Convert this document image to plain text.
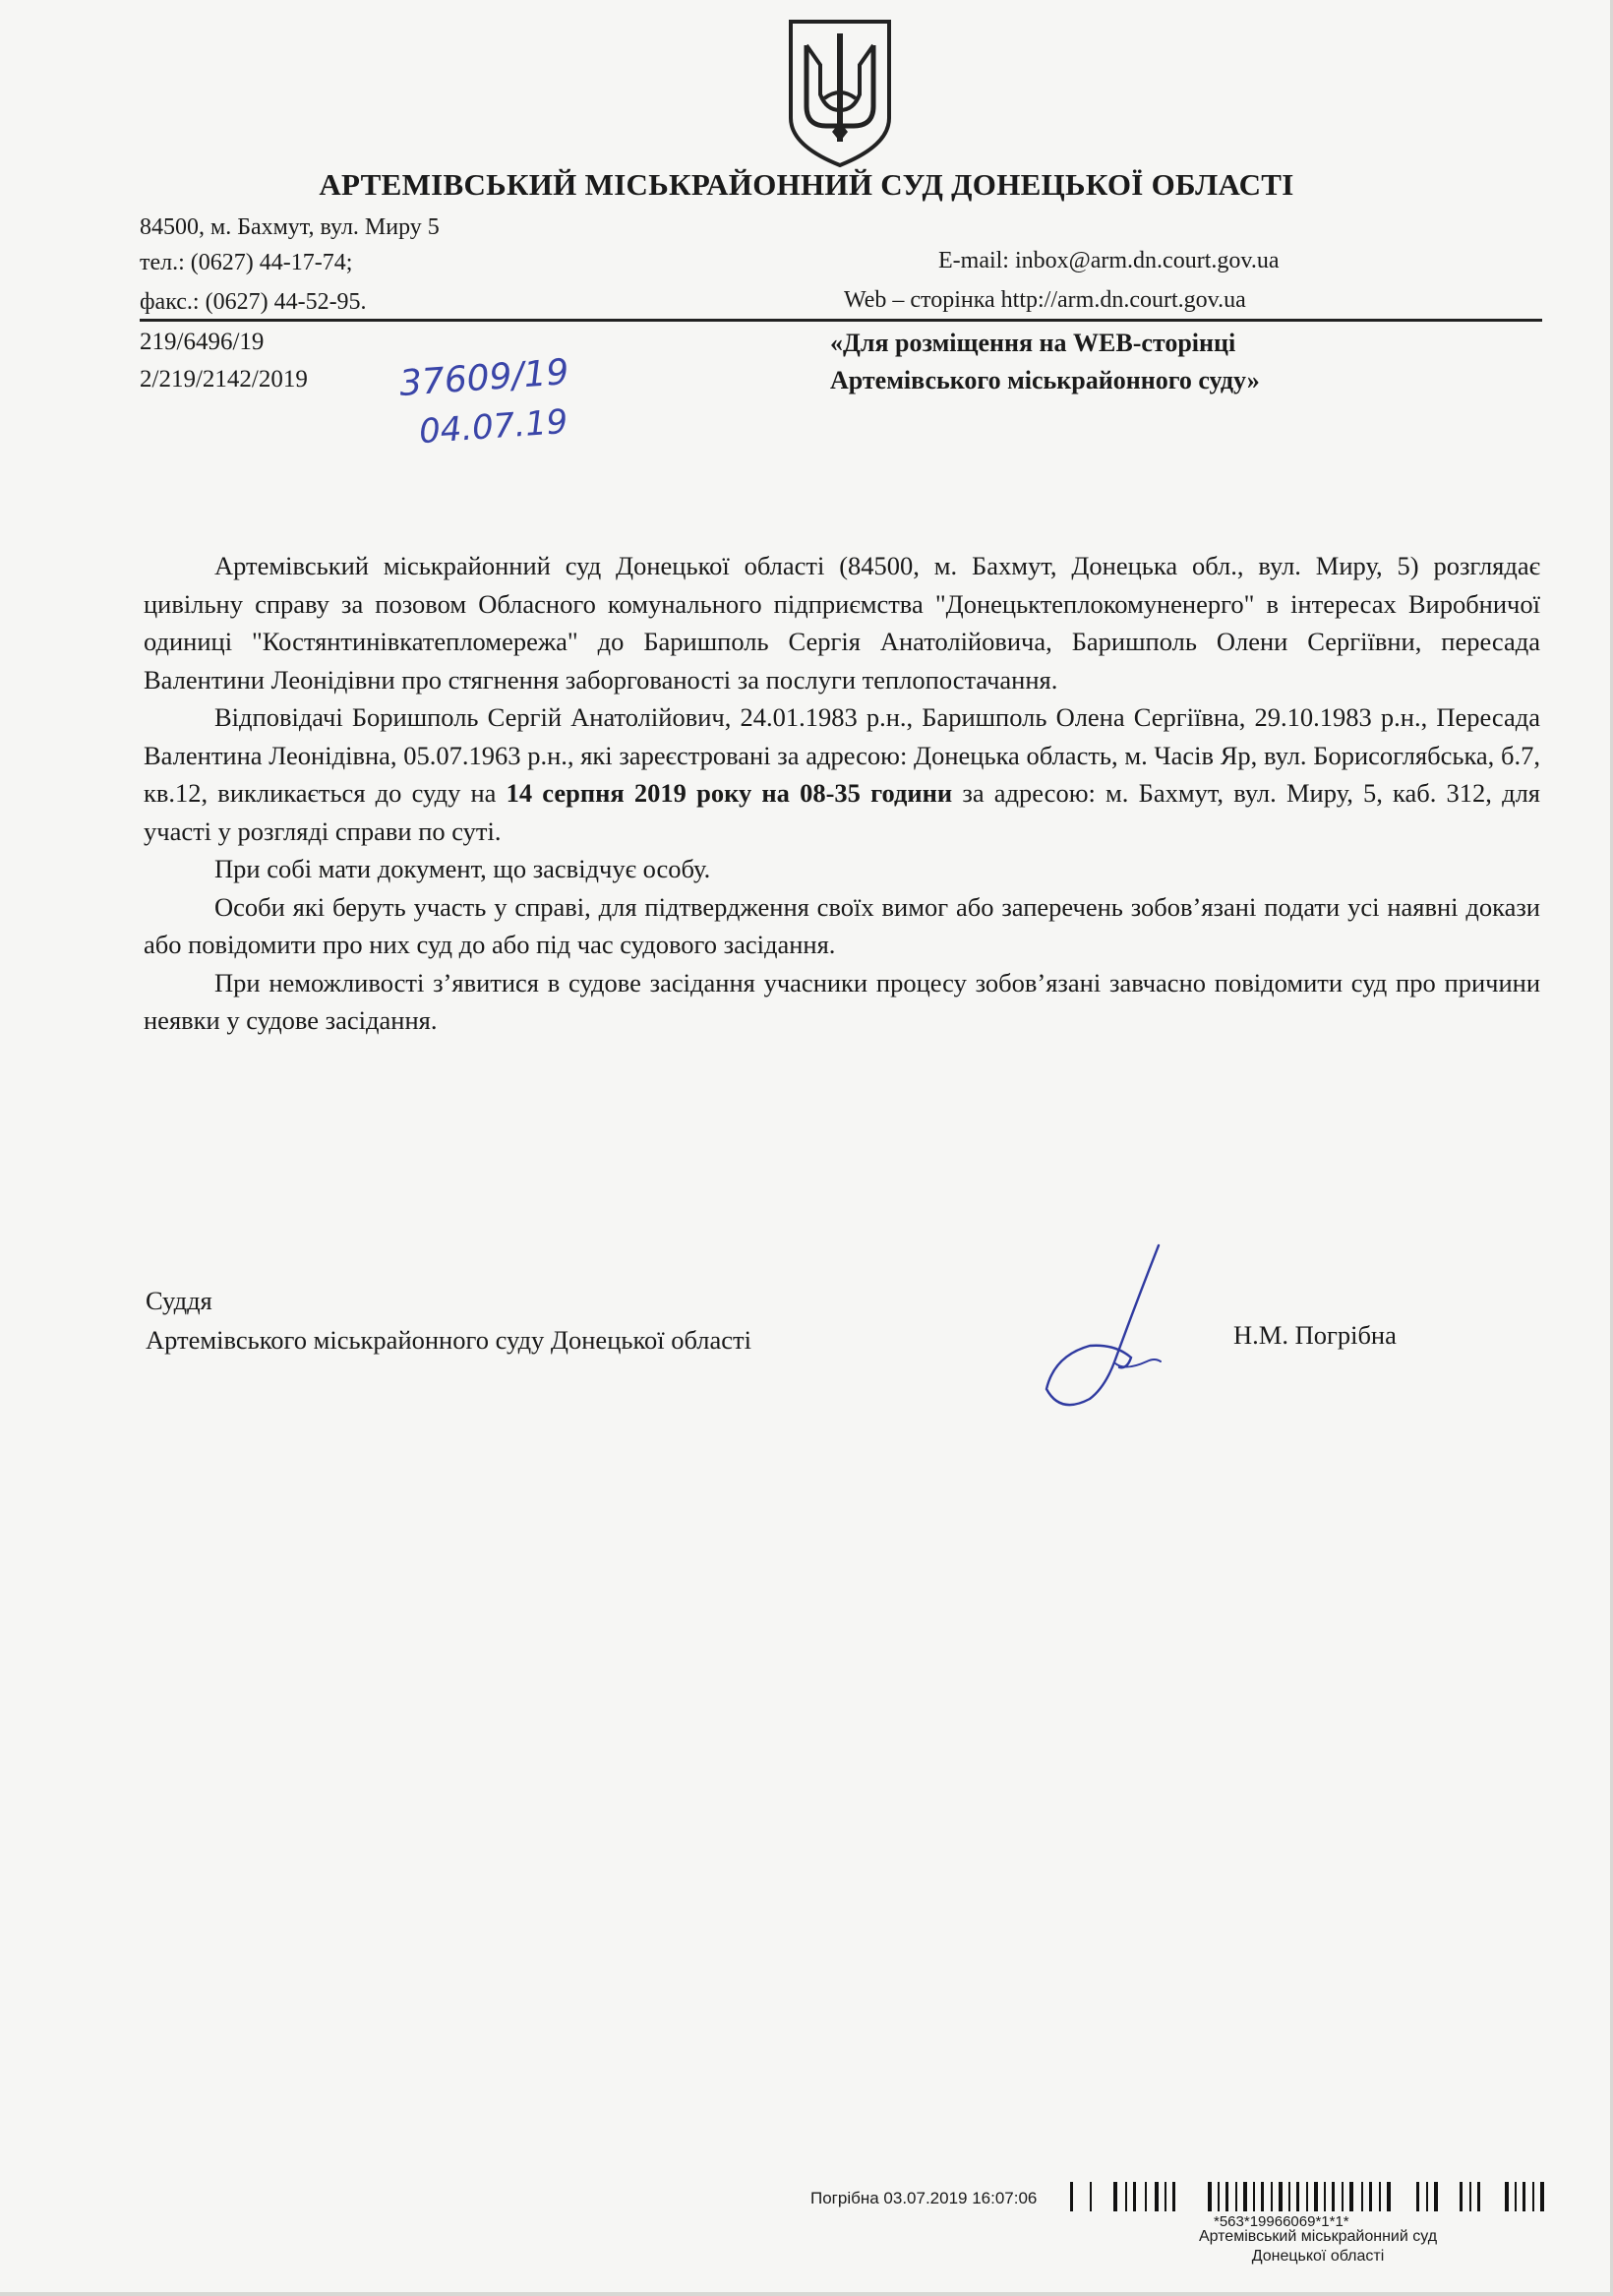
АРТЕМІВСЬКИЙ МІСЬКРАЙОННИЙ СУД ДОНЕЦЬКОЇ ОБЛАСТІ
84500, м. Бахмут, вул. Миру 5
тел.: (0627) 44-17-74;
факс.: (0627) 44-52-95.
E-mail: inbox@arm.dn.court.gov.ua
Web – сторінка http://arm.dn.court.gov.ua
219/6496/19
2/219/2142/2019	37609/19
04.07.19
«Для розміщення на WEB-сторінці
Артемівського міськрайонного суду»

Артемівський міськрайонний суд Донецької області (84500, м. Бахмут, Донецька обл., вул. Миру, 5) розглядає цивільну справу за позовом Обласного комунального підприємства "Донецьктеплокомуненерго" в інтересах Виробничої одиниці "Костянтинівкатепломережа" до Баришполь Сергія Анатолійовича, Баришполь Олени Сергіївни, пересада Валентини Леонідівни про стягнення заборгованості за послуги теплопостачання.

Відповідачі Боришполь Сергій Анатолійович, 24.01.1983 р.н., Баришполь Олена Сергіївна, 29.10.1983 р.н., Пересада Валентина Леонідівна, 05.07.1963 р.н., які зареєстровані за адресою: Донецька область, м. Часів Яр, вул. Борисоглябська, б.7, кв.12, викликається до суду на 14 серпня 2019 року на 08-35 години за адресою: м. Бахмут, вул. Миру, 5, каб. 312, для участі у розгляді справи по суті.

При собі мати документ, що засвідчує особу.

Особи які беруть участь у справі, для підтвердження своїх вимог або заперечень зобов’язані подати усі наявні докази або повідомити про них суд до або під час судового засідання.

При неможливості з’явитися в судове засідання учасники процесу зобов’язані завчасно повідомити суд про причини неявки у судове засідання.

Суддя
Артемівського міськрайонного суду Донецької області	Н.М. Погрібна
Артемівський міськрайонний суд
Донецької області
Погрібна 03.07.2019 16:07:06
*563*19966069*1*1*
